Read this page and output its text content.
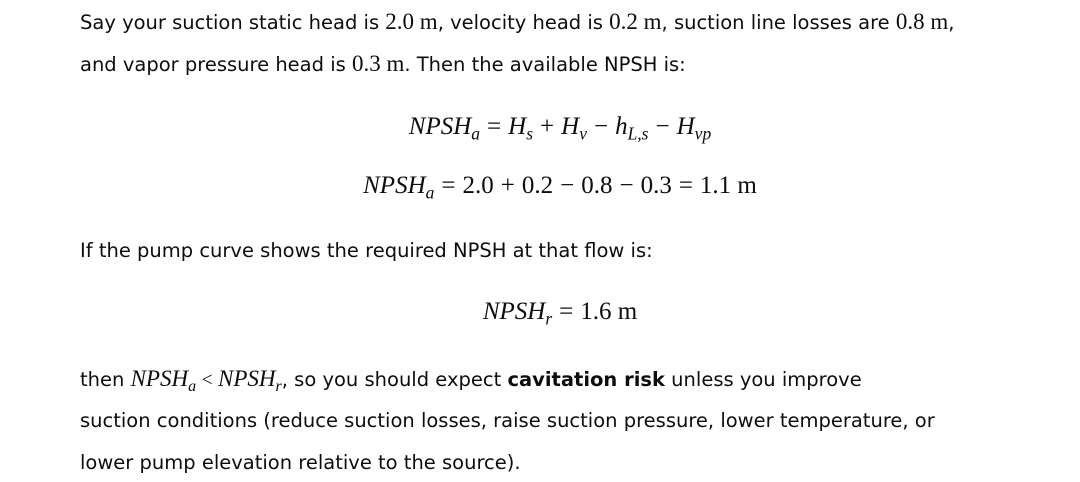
Say your suction static head is 2.0 m, velocity head is 0.2 m, suction line losses are 0.8 m,
and vapor pressure head is 0.3 m. Then the available NPSH is:
$NPSH_a = H_s + H_v - h_{L,s} - H_{vp}$
$NPSH_a = 2.0 + 0.2 - 0.8 - 0.3 = 1.1$ m
If the pump curve shows the required NPSH at that flow is:
$NPSH_r = 1.6$ m
then $NPSH_a$ < $NPSH_r$, so you should expect cavitation risk unless you improve
suction conditions (reduce suction losses, raise suction pressure, lower temperature, or
lower pump elevation relative to the source).
